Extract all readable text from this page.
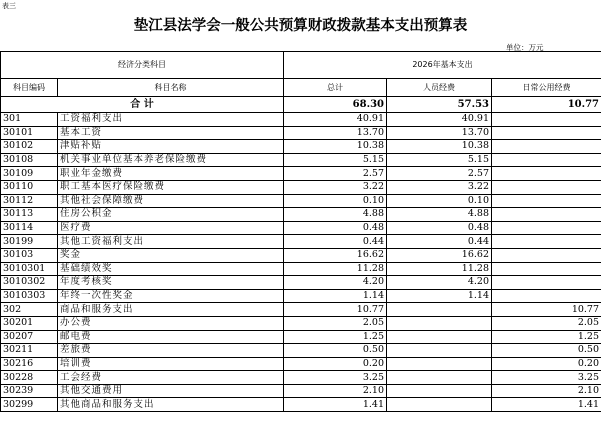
表三
垫江县法学会一般公共预算财政拨款基本支出预算表
单位：万元
经济分类科目		2026年基本支出		
科目编码	科目名称	总计	人员经费	日常公用经费
合 计		68.30	57.53	10.77
301	工资福利支出	40.91	40.91	
30101	基本工资	13.70	13.70	
30102	津贴补贴	10.38	10.38	
30108	机关事业单位基本养老保险缴费	5.15	5.15	
30109	职业年金缴费	2.57	2.57	
30110	职工基本医疗保险缴费	3.22	3.22	
30112	其他社会保障缴费	0.10	0.10	
30113	住房公积金	4.88	4.88	
30114	医疗费	0.48	0.48	
30199	其他工资福利支出	0.44	0.44	
30103	奖金	16.62	16.62	
3010301	基础绩效奖	11.28	11.28	
3010302	年度考核奖	4.20	4.20	
3010303	年终一次性奖金	1.14	1.14	
302	商品和服务支出	10.77		10.77
30201	办公费	2.05		2.05
30207	邮电费	1.25		1.25
30211	差旅费	0.50		0.50
30216	培训费	0.20		0.20
30228	工会经费	3.25		3.25
30239	其他交通费用	2.10		2.10
30299	其他商品和服务支出	1.41		1.41
